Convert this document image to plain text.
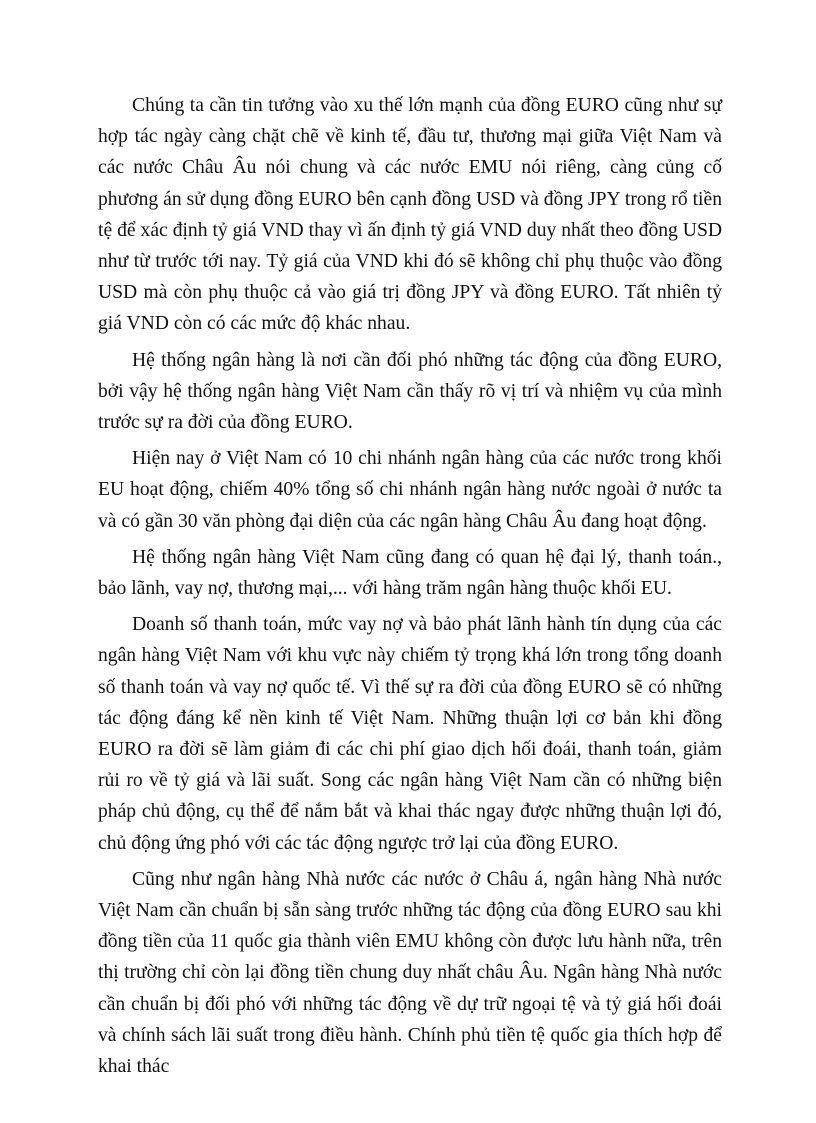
Chúng ta cần tin tưởng vào xu thế lớn mạnh của đồng EURO cũng như sự hợp tác ngày càng chặt chẽ về kinh tế, đầu tư, thương mại giữa Việt Nam và các nước Châu Âu nói chung và các nước EMU nói riêng, càng củng cố phương án sử dụng đồng EURO bên cạnh đồng USD và đồng JPY trong rổ tiền tệ để xác định tỷ giá VND thay vì ấn định tỷ giá VND duy nhất theo đồng USD như từ trước tới nay. Tỷ giá của VND khi đó sẽ không chỉ phụ thuộc vào đồng USD mà còn phụ thuộc cả vào giá trị đồng JPY và đồng EURO. Tất nhiên tỷ giá VND còn có các mức độ khác nhau.

Hệ thống ngân hàng là nơi cần đối phó những tác động của đồng EURO, bởi vậy hệ thống ngân hàng Việt Nam cần thấy rõ vị trí và nhiệm vụ của mình trước sự ra đời của đồng EURO.

Hiện nay ở Việt Nam có 10 chi nhánh ngân hàng của các nước trong khối EU hoạt động, chiếm 40% tổng số chi nhánh ngân hàng nước ngoài ở nước ta và có gần 30 văn phòng đại diện của các ngân hàng Châu Âu đang hoạt động.

Hệ thống ngân hàng Việt Nam cũng đang có quan hệ đại lý, thanh toán., bảo lãnh, vay nợ, thương mại,... với hàng trăm ngân hàng thuộc khối EU.

Doanh số thanh toán, mức vay nợ và bảo phát lãnh hành tín dụng của các ngân hàng Việt Nam với khu vực này chiếm tỷ trọng khá lớn trong tổng doanh số thanh toán và vay nợ quốc tế. Vì thế sự ra đời của đồng EURO sẽ có những tác động đáng kể nền kinh tế Việt Nam. Những thuận lợi cơ bản khi đồng EURO ra đời sẽ làm giảm đi các chi phí giao dịch hối đoái, thanh toán, giảm rủi ro về tỷ giá và lãi suất. Song các ngân hàng Việt Nam cần có những biện pháp chủ động, cụ thể để nắm bắt và khai thác ngay được những thuận lợi đó, chủ động ứng phó với các tác động ngược trở lại của đồng EURO.

Cũng như ngân hàng Nhà nước các nước ở Châu á, ngân hàng Nhà nước Việt Nam cần chuẩn bị sẵn sàng trước những tác động của đồng EURO sau khi đồng tiền của 11 quốc gia thành viên EMU không còn được lưu hành nữa, trên thị trường chỉ còn lại đồng tiền chung duy nhất châu Âu. Ngân hàng Nhà nước cần chuẩn bị đối phó với những tác động về dự trữ ngoại tệ và tỷ giá hối đoái và chính sách lãi suất trong điều hành. Chính phủ tiền tệ quốc gia thích hợp để khai thác
